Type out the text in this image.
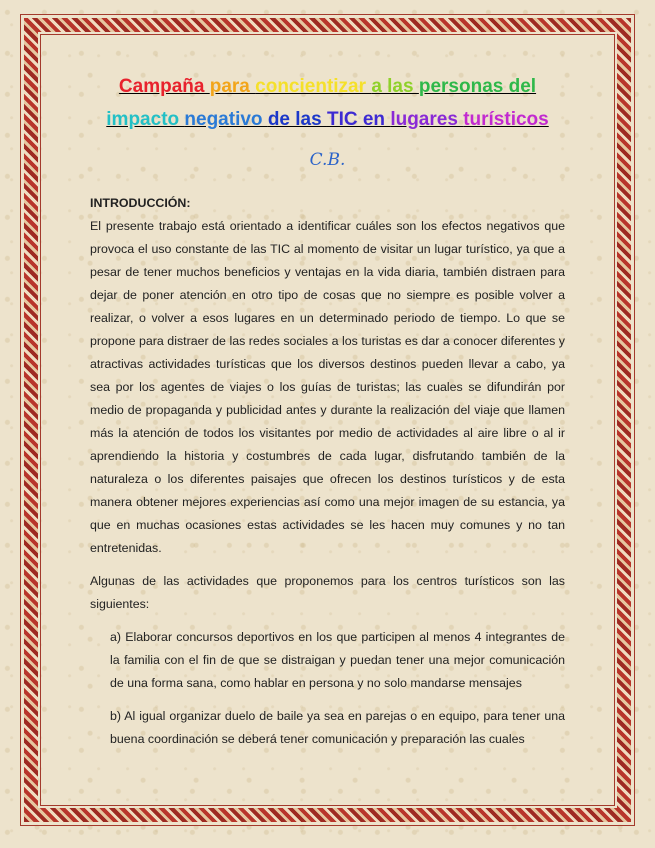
Campaña para concientizar a las personas del
impacto negativo de las TIC en lugares turísticos
C.B.
INTRODUCCIÓN:

El presente trabajo está orientado a identificar cuáles son los efectos negativos que provoca el uso constante de las TIC al momento de visitar un lugar turístico, ya que a pesar de tener muchos beneficios y ventajas en la vida diaria, también distraen para dejar de poner atención en otro tipo de cosas que no siempre es posible volver a realizar, o volver a esos lugares en un determinado periodo de tiempo. Lo que se propone para distraer de las redes sociales a los turistas es dar a conocer diferentes y atractivas actividades turísticas que los diversos destinos pueden llevar a cabo, ya sea por los agentes de viajes o los guías de turistas; las cuales se difundirán por medio de propaganda y publicidad antes y durante la realización del viaje que llamen más la atención de todos los visitantes por medio de actividades al aire libre o al ir aprendiendo la historia y costumbres de cada lugar, disfrutando también de la naturaleza o los diferentes paisajes que ofrecen los destinos turísticos y de esta manera obtener mejores experiencias así como una mejor imagen de su estancia, ya que en muchas ocasiones estas actividades se les hacen muy comunes y no tan entretenidas.

Algunas de las actividades que proponemos para los centros turísticos son las siguientes:

a) Elaborar concursos deportivos en los que participen al menos 4 integrantes de la familia con el fin de que se distraigan y puedan tener una mejor comunicación de una forma sana, como hablar en persona y no solo mandarse mensajes

b) Al igual organizar duelo de baile ya sea en parejas o en equipo, para tener una buena coordinación se deberá tener comunicación y preparación las cuales
